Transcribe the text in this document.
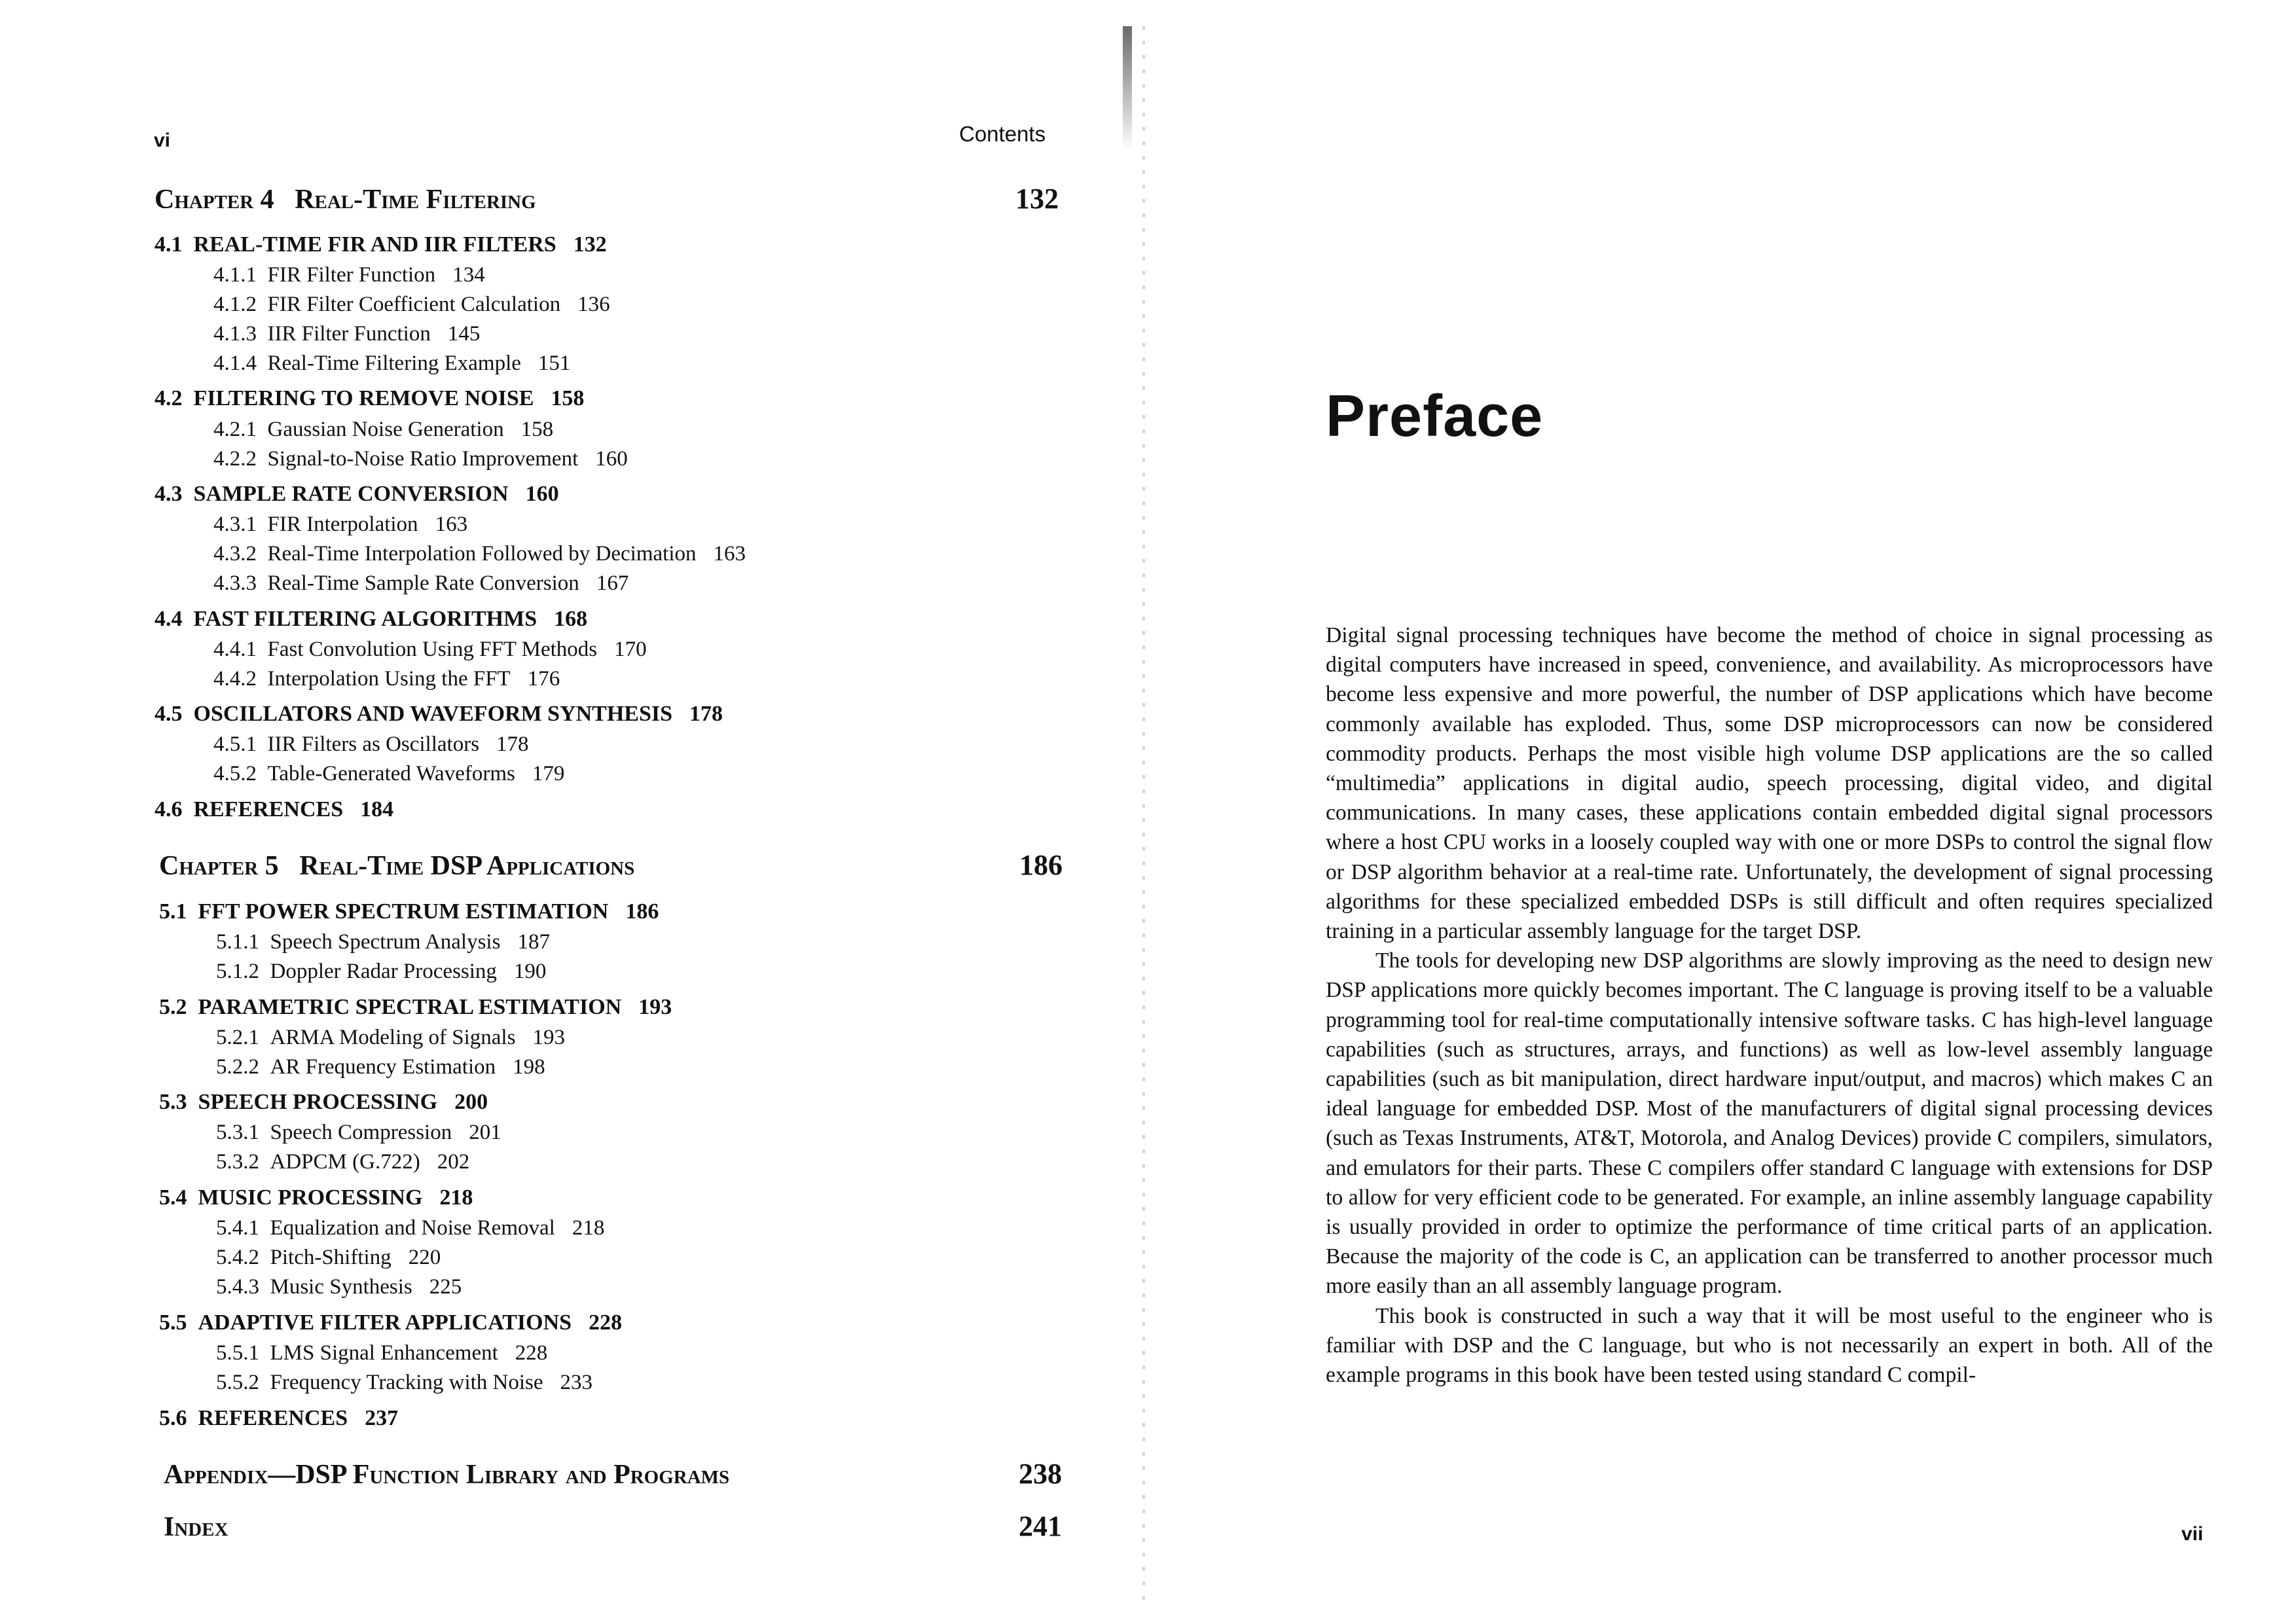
vi	Contents
Chapter 4 Real-Time Filtering	132
4.1 REAL-TIME FIR AND IIR FILTERS 132
4.1.1 FIR Filter Function 134
4.1.2 FIR Filter Coefficient Calculation 136
4.1.3 IIR Filter Function 145
4.1.4 Real-Time Filtering Example 151
4.2 FILTERING TO REMOVE NOISE 158
4.2.1 Gaussian Noise Generation 158
4.2.2 Signal-to-Noise Ratio Improvement 160
4.3 SAMPLE RATE CONVERSION 160
4.3.1 FIR Interpolation 163
4.3.2 Real-Time Interpolation Followed by Decimation 163
4.3.3 Real-Time Sample Rate Conversion 167
4.4 FAST FILTERING ALGORITHMS 168
4.4.1 Fast Convolution Using FFT Methods 170
4.4.2 Interpolation Using the FFT 176
4.5 OSCILLATORS AND WAVEFORM SYNTHESIS 178
4.5.1 IIR Filters as Oscillators 178
4.5.2 Table-Generated Waveforms 179
4.6 REFERENCES 184
Chapter 5 Real-Time DSP Applications	186
5.1 FFT POWER SPECTRUM ESTIMATION 186
5.1.1 Speech Spectrum Analysis 187
5.1.2 Doppler Radar Processing 190
5.2 PARAMETRIC SPECTRAL ESTIMATION 193
5.2.1 ARMA Modeling of Signals 193
5.2.2 AR Frequency Estimation 198
5.3 SPEECH PROCESSING 200
5.3.1 Speech Compression 201
5.3.2 ADPCM (G.722) 202
5.4 MUSIC PROCESSING 218
5.4.1 Equalization and Noise Removal 218
5.4.2 Pitch-Shifting 220
5.4.3 Music Synthesis 225
5.5 ADAPTIVE FILTER APPLICATIONS 228
5.5.1 LMS Signal Enhancement 228
5.5.2 Frequency Tracking with Noise 233
5.6 REFERENCES 237
Appendix—DSP Function Library and Programs	238
Index	241
Preface

Digital signal processing techniques have become the method of choice in signal processing as digital computers have increased in speed, convenience, and availability. As microprocessors have become less expensive and more powerful, the number of DSP applications which have become commonly available has exploded. Thus, some DSP microprocessors can now be considered commodity products. Perhaps the most visible high volume DSP applications are the so called “multimedia” applications in digital audio, speech processing, digital video, and digital communications. In many cases, these applications contain embedded digital signal processors where a host CPU works in a loosely coupled way with one or more DSPs to control the signal flow or DSP algorithm behavior at a real-time rate. Unfortunately, the development of signal processing algorithms for these specialized embedded DSPs is still difficult and often requires specialized training in a particular assembly language for the target DSP.

The tools for developing new DSP algorithms are slowly improving as the need to design new DSP applications more quickly becomes important. The C language is proving itself to be a valuable programming tool for real-time computationally intensive software tasks. C has high-level language capabilities (such as structures, arrays, and functions) as well as low-level assembly language capabilities (such as bit manipulation, direct hardware input/output, and macros) which makes C an ideal language for embedded DSP. Most of the manufacturers of digital signal processing devices (such as Texas Instruments, AT&T, Motorola, and Analog Devices) provide C compilers, simulators, and emulators for their parts. These C compilers offer standard C language with extensions for DSP to allow for very efficient code to be generated. For example, an inline assembly language capability is usually provided in order to optimize the performance of time critical parts of an application. Because the majority of the code is C, an application can be transferred to another processor much more easily than an all assembly language program.

This book is constructed in such a way that it will be most useful to the engineer who is familiar with DSP and the C language, but who is not necessarily an expert in both. All of the example programs in this book have been tested using standard C compil-

vii
